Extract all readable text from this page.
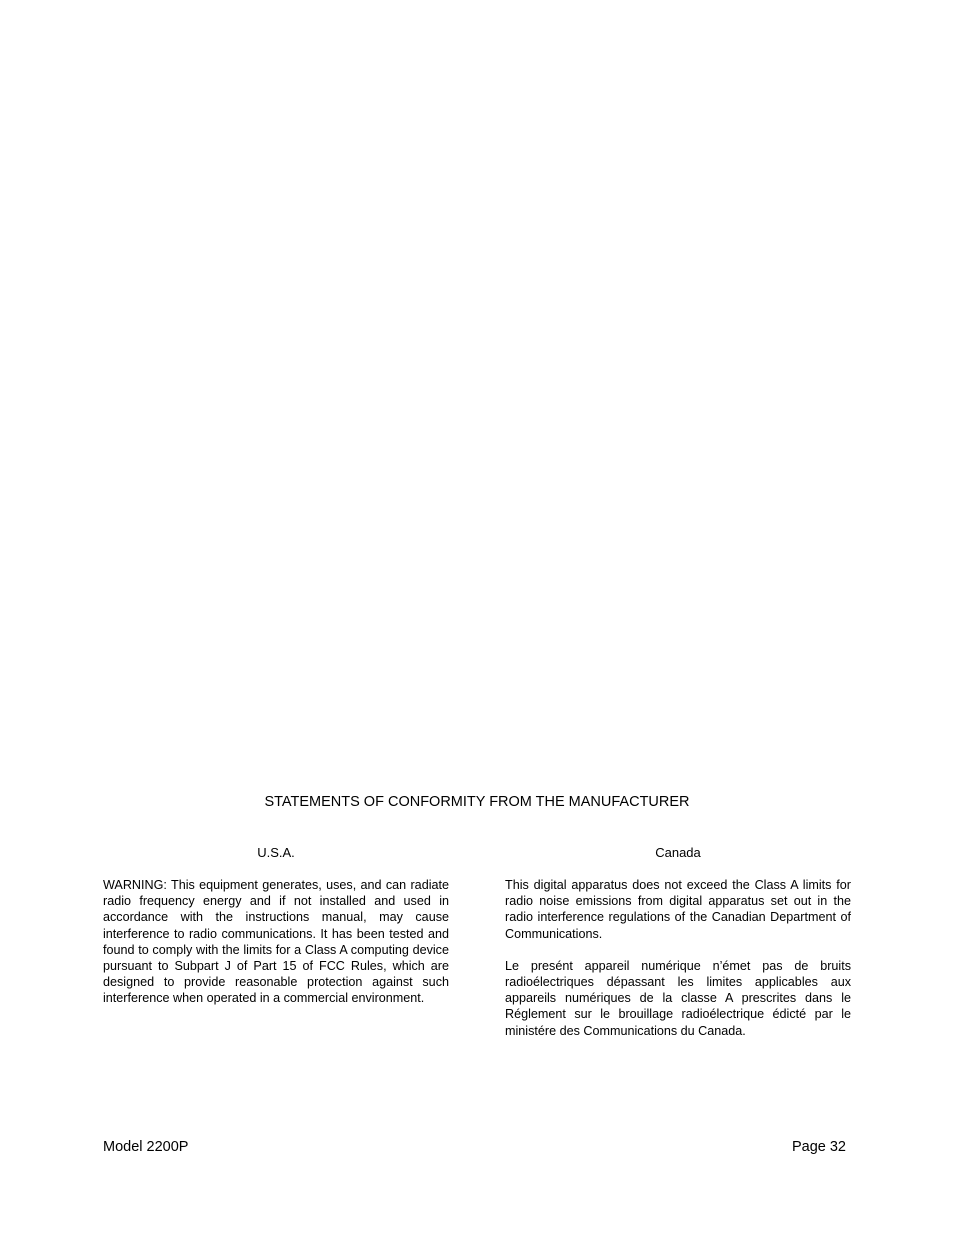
STATEMENTS OF CONFORMITY FROM THE MANUFACTURER
U.S.A.
WARNING: This equipment generates, uses, and can radiate radio frequency energy and if not installed and used in accordance with the instructions manual, may cause interference to radio communications. It has been tested and found to comply with the limits for a Class A computing device pursuant to Subpart J of Part 15 of FCC Rules, which are designed to provide reasonable protection against such interference when operated in a commercial environment.
Canada
This digital apparatus does not exceed the Class A limits for radio noise emissions from digital apparatus set out in the radio interference regulations of the Canadian Department of Communications.
Le presént appareil numérique n’émet pas de bruits radioélectriques dépassant les limites applicables aux appareils numériques de la classe A prescrites dans le Réglement sur le brouillage radioélectrique édicté par le ministére des Communications du Canada.
Model 2200P	Page 32
